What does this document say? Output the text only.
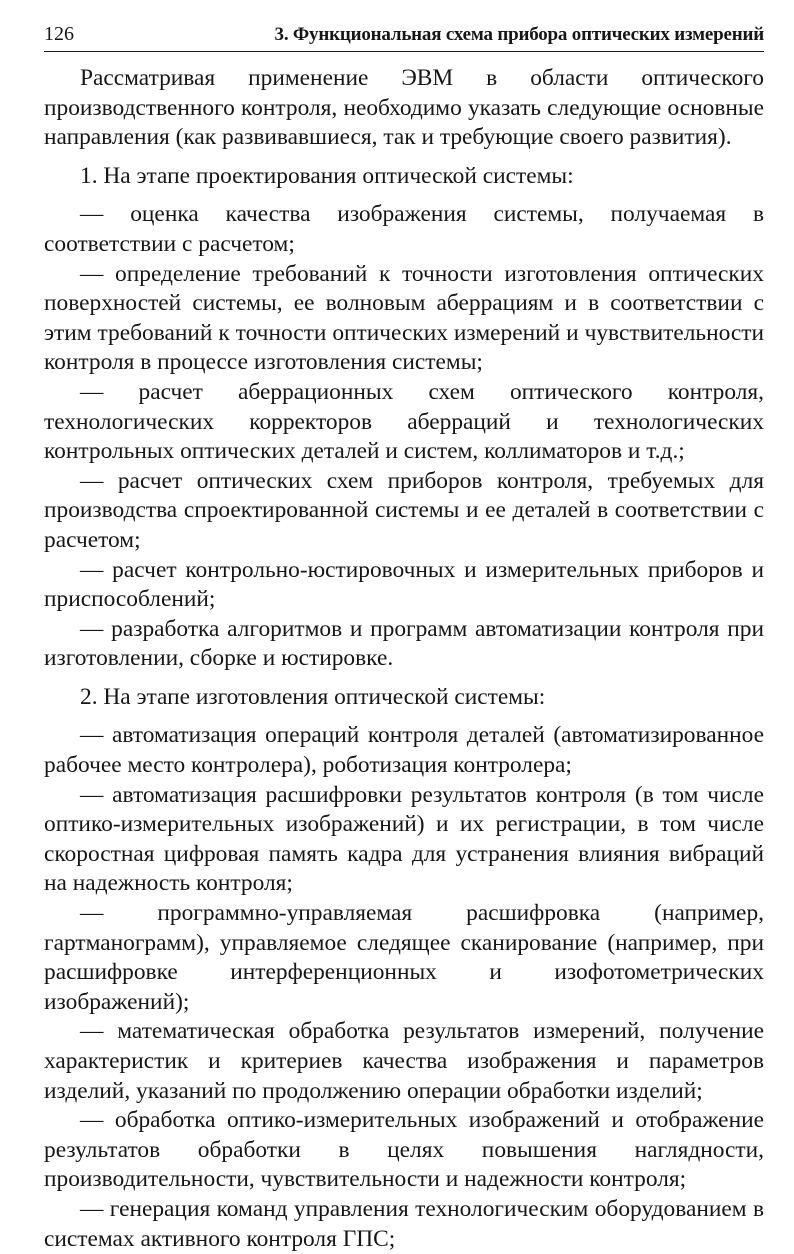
126	3. Функциональная схема прибора оптических измерений

Рассматривая применение ЭВМ в области оптического производственного контроля, необходимо указать следующие основные направления (как развивавшиеся, так и требующие своего развития).

1. На этапе проектирования оптической системы:

— оценка качества изображения системы, получаемая в соответствии с расчетом;

— определение требований к точности изготовления оптических поверхностей системы, ее волновым аберрациям и в соответствии с этим требований к точности оптических измерений и чувствительности контроля в процессе изготовления системы;

— расчет аберрационных схем оптического контроля, технологических корректоров аберраций и технологических контрольных оптических деталей и систем, коллиматоров и т.д.;

— расчет оптических схем приборов контроля, требуемых для производства спроектированной системы и ее деталей в соответствии с расчетом;

— расчет контрольно-юстировочных и измерительных приборов и приспособлений;

— разработка алгоритмов и программ автоматизации контроля при изготовлении, сборке и юстировке.

2. На этапе изготовления оптической системы:

— автоматизация операций контроля деталей (автоматизированное рабочее место контролера), роботизация контролера;

— автоматизация расшифровки результатов контроля (в том числе оптико-измерительных изображений) и их регистрации, в том числе скоростная цифровая память кадра для устранения влияния вибраций на надежность контроля;

— программно-управляемая расшифровка (например, гартманограмм), управляемое следящее сканирование (например, при расшифровке интерференционных и изофотометрических изображений);

— математическая обработка результатов измерений, получение характеристик и критериев качества изображения и параметров изделий, указаний по продолжению операции обработки изделий;

— обработка оптико-измерительных изображений и отображение результатов обработки в целях повышения наглядности, производительности, чувствительности и надежности контроля;

— генерация команд управления технологическим оборудованием в системах активного контроля ГПС;
